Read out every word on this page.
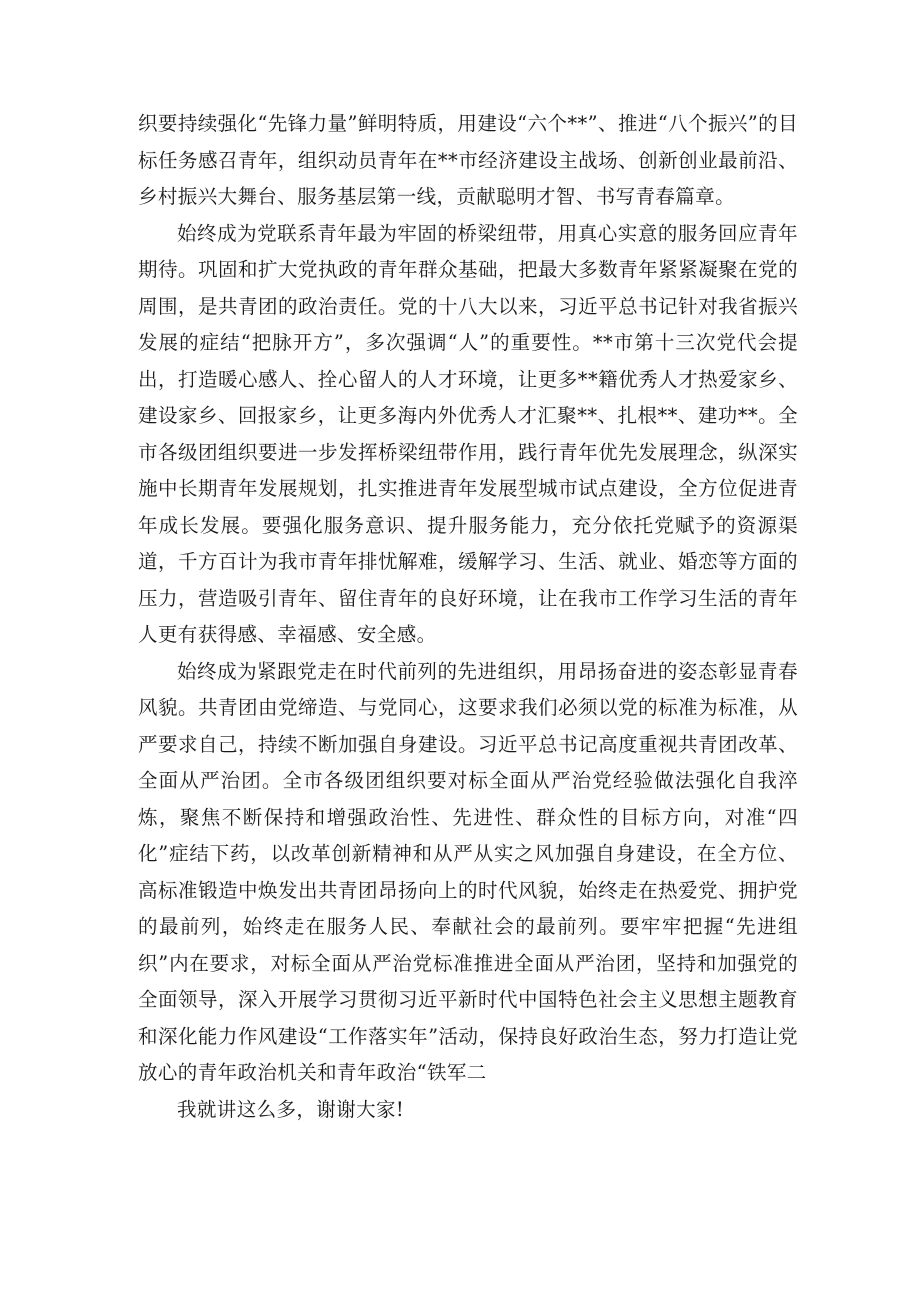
织要持续强化“先锋力量”鲜明特质，用建设“六个**”、推进“八个振兴”的目标任务感召青年，组织动员青年在**市经济建设主战场、创新创业最前沿、乡村振兴大舞台、服务基层第一线，贡献聪明才智、书写青春篇章。

始终成为党联系青年最为牢固的桥梁纽带，用真心实意的服务回应青年期待。巩固和扩大党执政的青年群众基础，把最大多数青年紧紧凝聚在党的周围，是共青团的政治责任。党的十八大以来，习近平总书记针对我省振兴发展的症结“把脉开方”，多次强调“人”的重要性。**市第十三次党代会提出，打造暖心感人、拴心留人的人才环境，让更多**籍优秀人才热爱家乡、建设家乡、回报家乡，让更多海内外优秀人才汇聚**、扎根**、建功**。全市各级团组织要进一步发挥桥梁纽带作用，践行青年优先发展理念，纵深实施中长期青年发展规划，扎实推进青年发展型城市试点建设，全方位促进青年成长发展。要强化服务意识、提升服务能力，充分依托党赋予的资源渠道，千方百计为我市青年排忧解难，缓解学习、生活、就业、婚恋等方面的压力，营造吸引青年、留住青年的良好环境，让在我市工作学习生活的青年人更有获得感、幸福感、安全感。

始终成为紧跟党走在时代前列的先进组织，用昂扬奋进的姿态彰显青春风貌。共青团由党缔造、与党同心，这要求我们必须以党的标准为标准，从严要求自己，持续不断加强自身建设。习近平总书记高度重视共青团改革、全面从严治团。全市各级团组织要对标全面从严治党经验做法强化自我淬炼，聚焦不断保持和增强政治性、先进性、群众性的目标方向，对准“四化”症结下药，以改革创新精神和从严从实之风加强自身建设，在全方位、高标准锻造中焕发出共青团昂扬向上的时代风貌，始终走在热爱党、拥护党的最前列，始终走在服务人民、奉献社会的最前列。要牢牢把握“先进组织”内在要求，对标全面从严治党标准推进全面从严治团，坚持和加强党的全面领导，深入开展学习贯彻习近平新时代中国特色社会主义思想主题教育和深化能力作风建设“工作落实年”活动，保持良好政治生态，努力打造让党放心的青年政治机关和青年政治“铁军二

我就讲这么多，谢谢大家!
